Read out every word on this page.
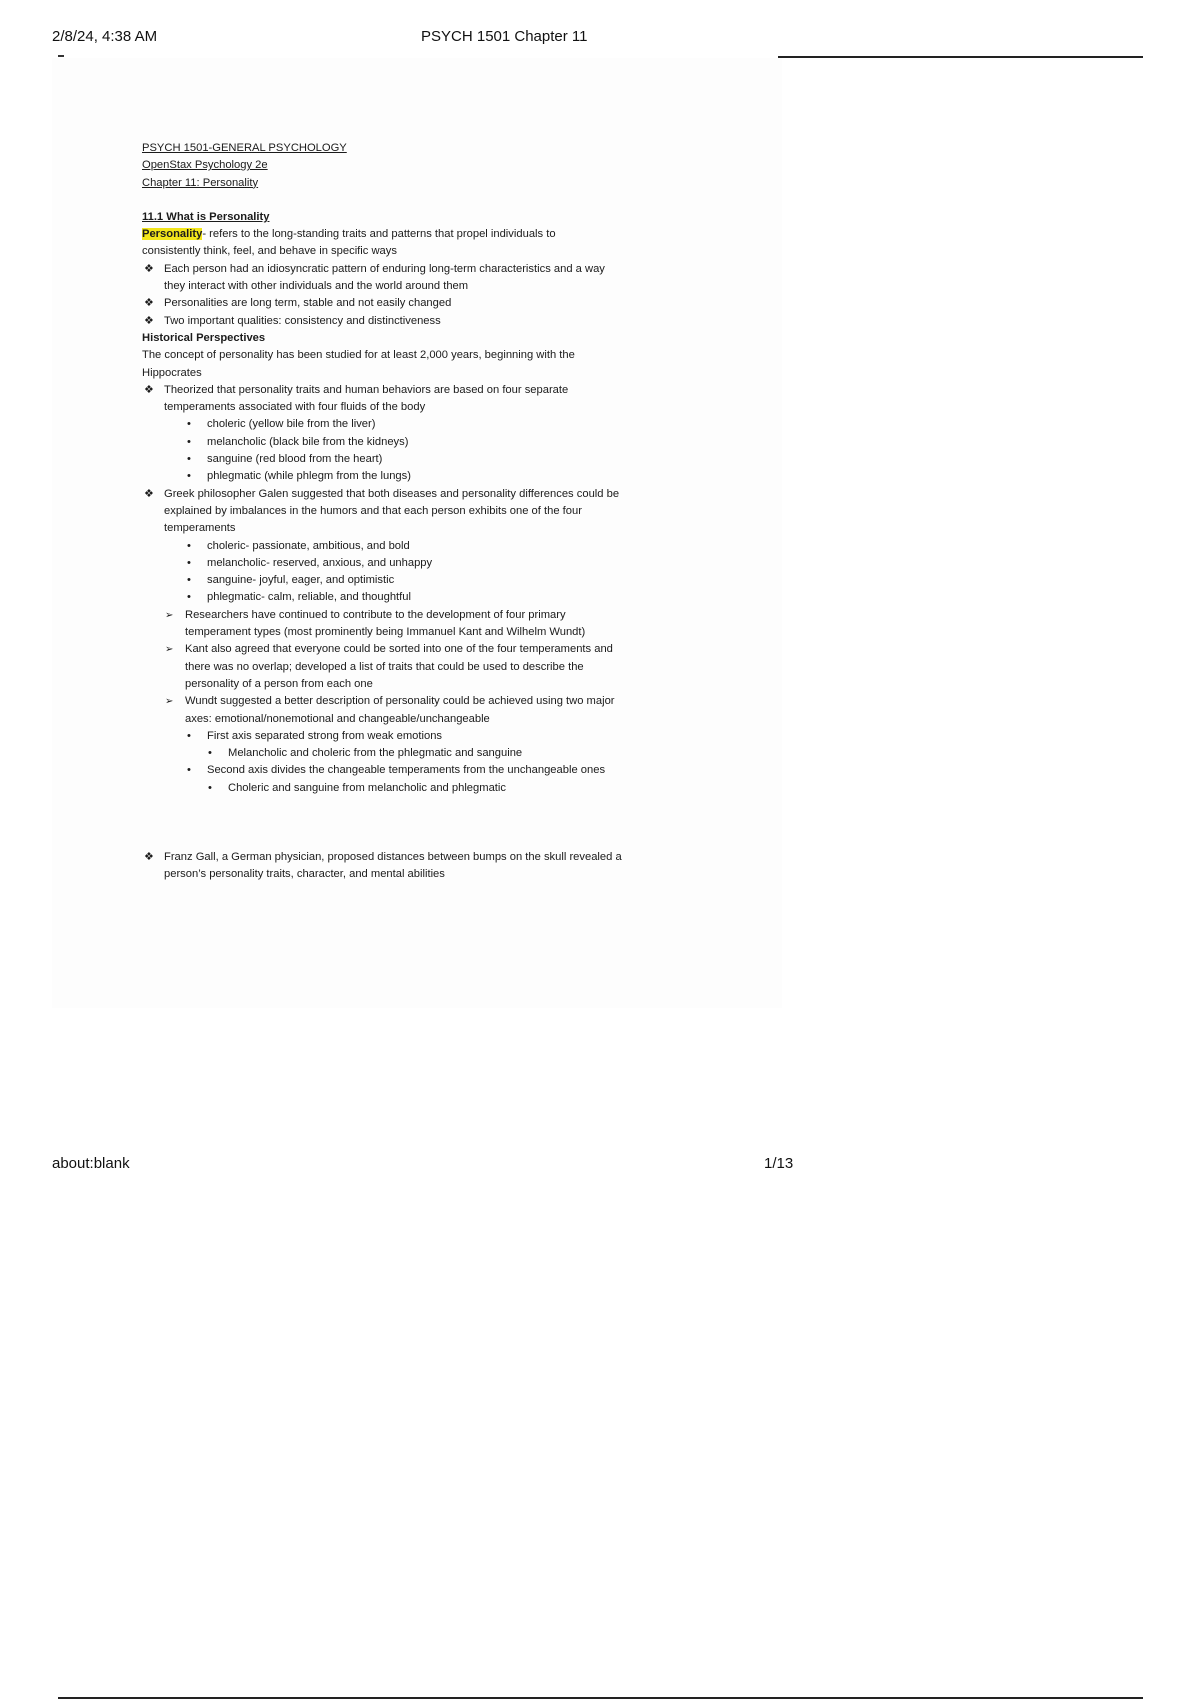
2/8/24, 4:38 AM	PSYCH 1501 Chapter 11

PSYCH 1501-GENERAL PSYCHOLOGY

OpenStax Psychology 2e

Chapter 11: Personality

11.1 What is Personality

Personality- refers to the long-standing traits and patterns that propel individuals to

consistently think, feel, and behave in specific ways

❖ Each person had an idiosyncratic pattern of enduring long-term characteristics and a way
they interact with other individuals and the world around them
❖ Personalities are long term, stable and not easily changed
❖ Two important qualities: consistency and distinctiveness

Historical Perspectives

The concept of personality has been studied for at least 2,000 years, beginning with the

Hippocrates

❖ Theorized that personality traits and human behaviors are based on four separate
temperaments associated with four fluids of the body
• choleric (yellow bile from the liver)
• melancholic (black bile from the kidneys)
• sanguine (red blood from the heart)
• phlegmatic (while phlegm from the lungs)
❖ Greek philosopher Galen suggested that both diseases and personality differences could be
explained by imbalances in the humors and that each person exhibits one of the four
temperaments
• choleric- passionate, ambitious, and bold
• melancholic- reserved, anxious, and unhappy
• sanguine- joyful, eager, and optimistic
• phlegmatic- calm, reliable, and thoughtful
➢ Researchers have continued to contribute to the development of four primary
temperament types (most prominently being Immanuel Kant and Wilhelm Wundt)
➢ Kant also agreed that everyone could be sorted into one of the four temperaments and
there was no overlap; developed a list of traits that could be used to describe the
personality of a person from each one
➢ Wundt suggested a better description of personality could be achieved using two major
axes: emotional/nonemotional and changeable/unchangeable
• First axis separated strong from weak emotions
• Melancholic and choleric from the phlegmatic and sanguine
• Second axis divides the changeable temperaments from the unchangeable ones
• Choleric and sanguine from melancholic and phlegmatic
❖ Franz Gall, a German physician, proposed distances between bumps on the skull revealed a
person’s personality traits, character, and mental abilities
about:blank	1/13
